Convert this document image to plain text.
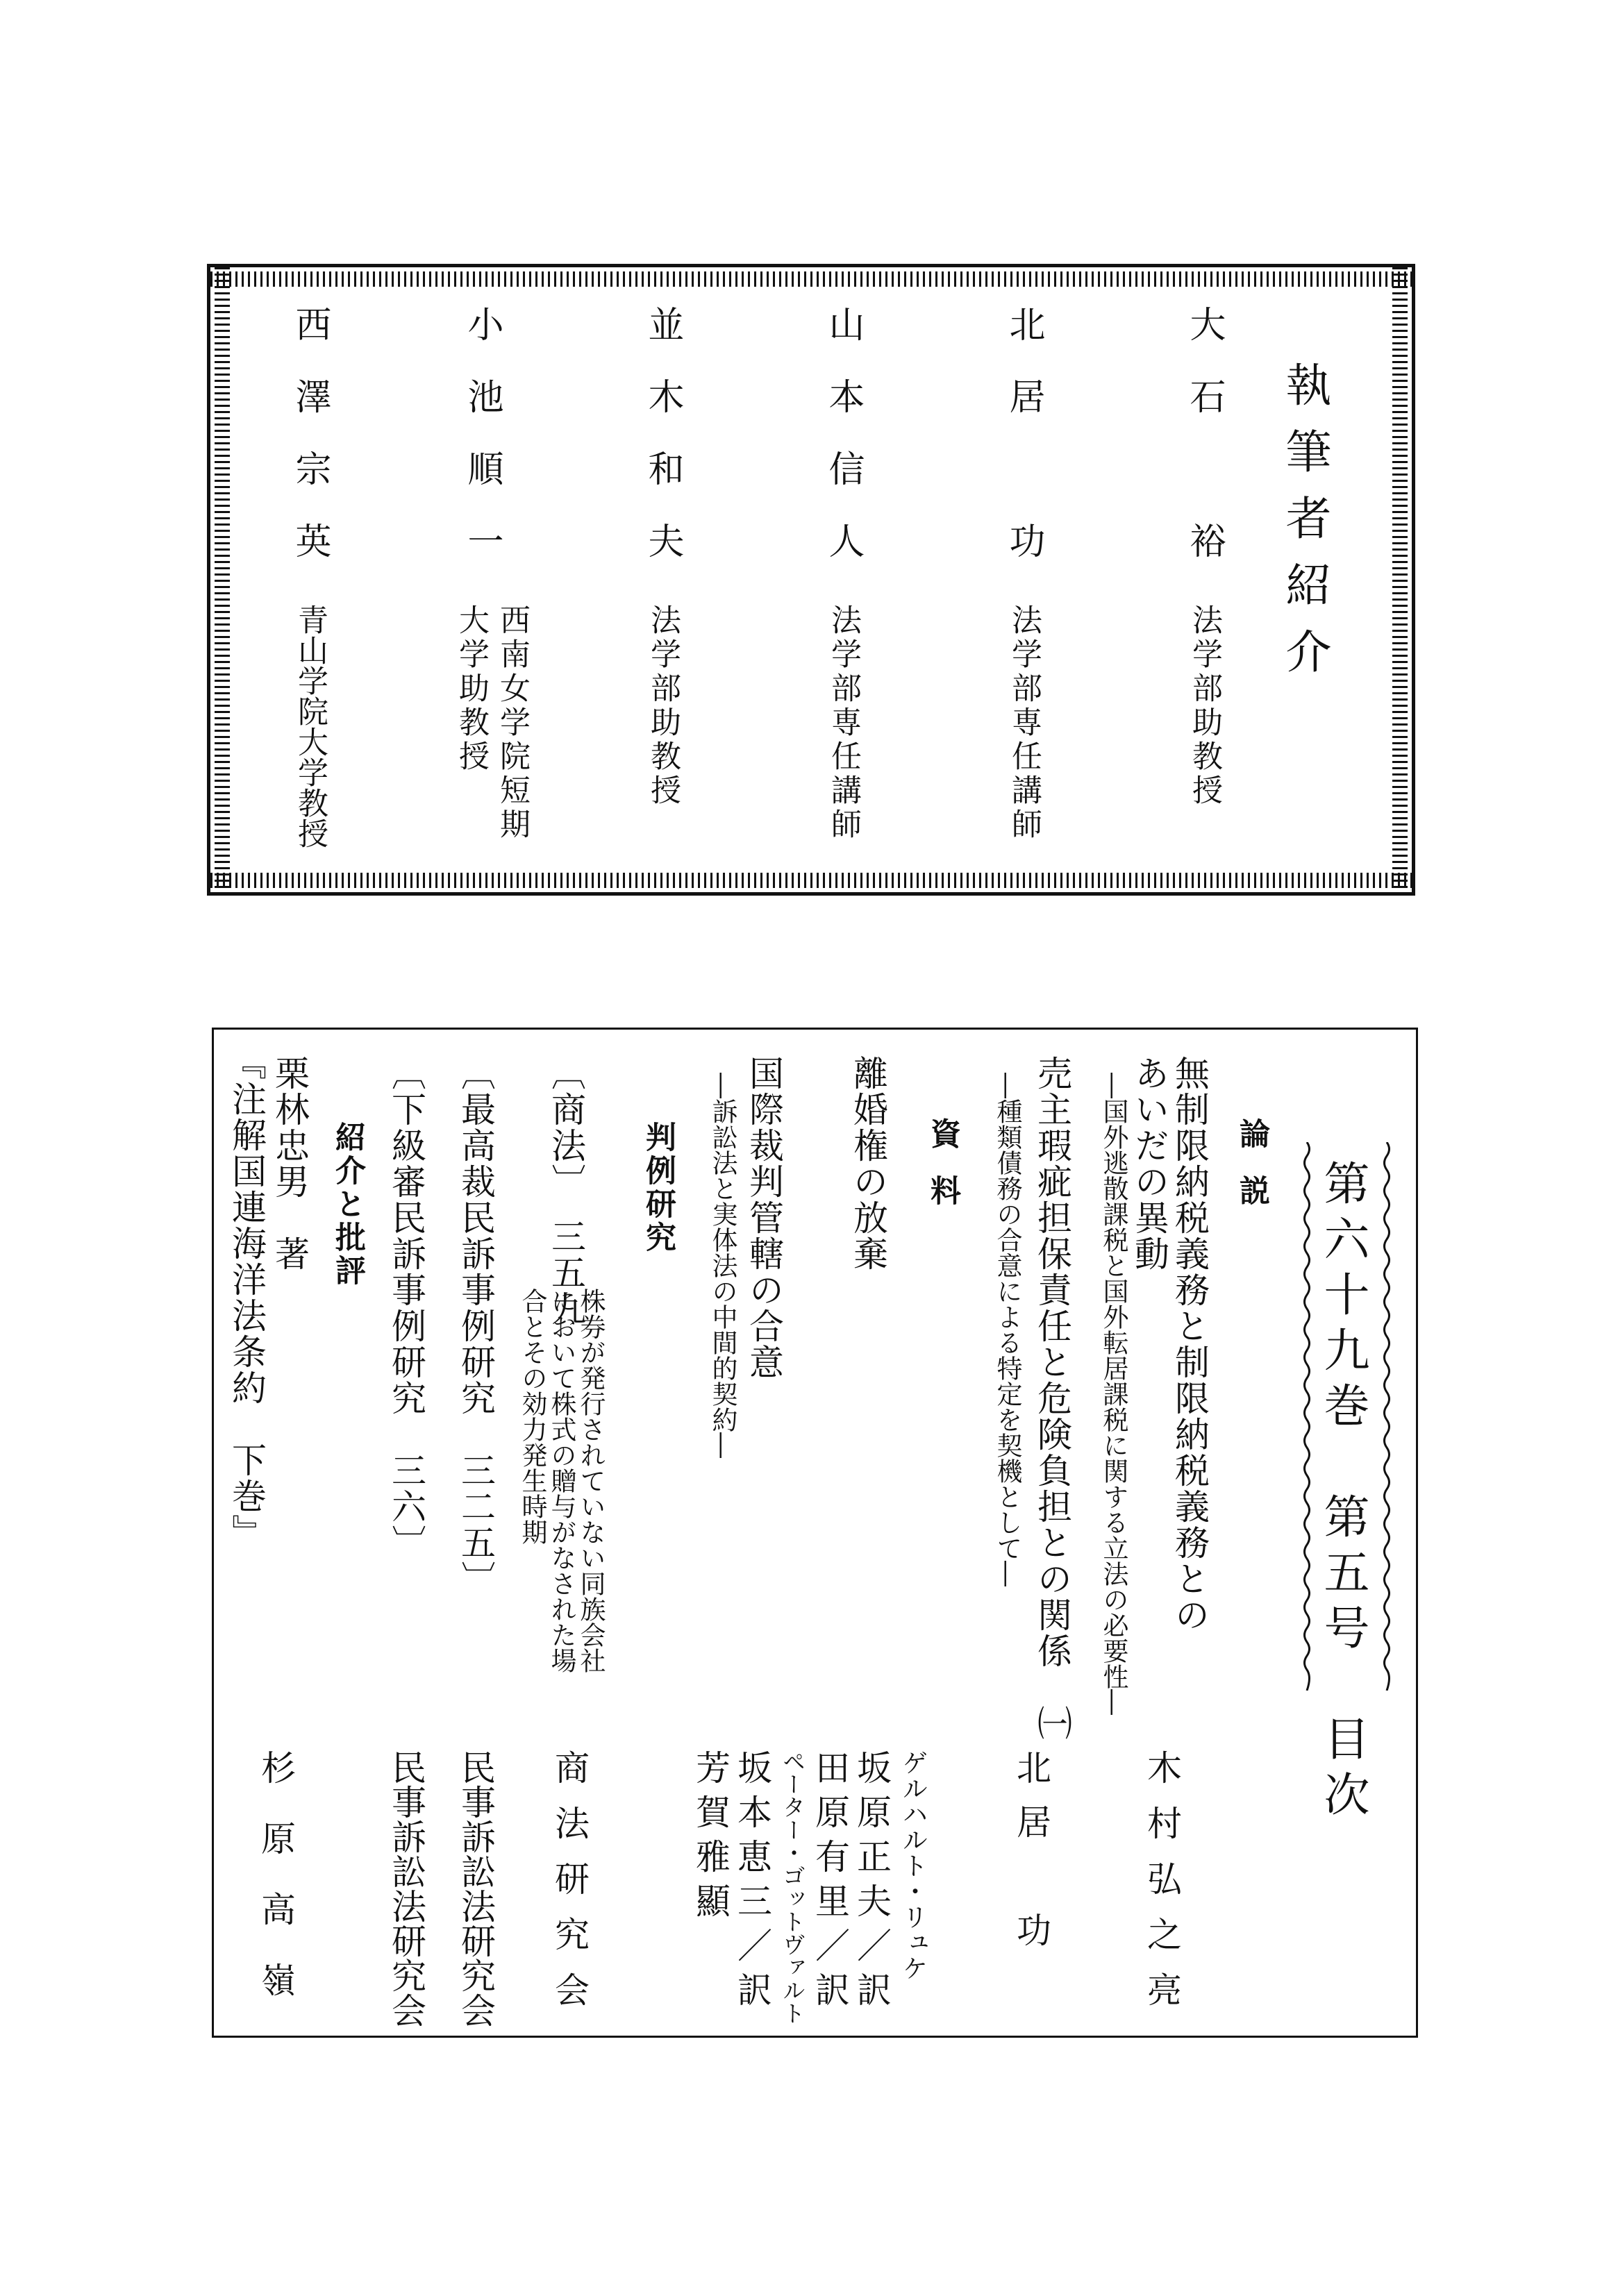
執筆者紹介
大石　裕
法学部助教授
北居　功
法学部専任講師
山本信人
法学部専任講師
並木和夫
法学部助教授
小池順一
西南女学院短期
大学助教授
西澤宗英
青山学院大学教授
第六十九巻　第五号　目次
論説
無制限納税義務と制限納税義務との
あいだの異動
―国外逃散課税と国外転居課税に関する立法の必要性―
木村弘之亮
売主瑕疵担保責任と危険負担との関係　㈠
―種類債務の合意による特定を契機として―
北居　功
資料
離婚権の放棄
ゲルハルト・リュケ
坂原正夫／訳
田原有里／訳
国際裁判管轄の合意
―訴訟法と実体法の中間的契約―
ペーター・ゴットヴァルト
坂本恵三／訳
芳賀雅顯
判例研究
〔商法〕　三五九
株券が発行されていない同族会社
において株式の贈与がなされた場
合とその効力発生時期
商法研究会
〔最高裁民訴事例研究　三二五〕
民事訴訟法研究会
〔下級審民訴事例研究　三六〕
民事訴訟法研究会
紹介と批評
栗林忠男　著
『注解国連海洋法条約　下巻』
杉原高嶺
